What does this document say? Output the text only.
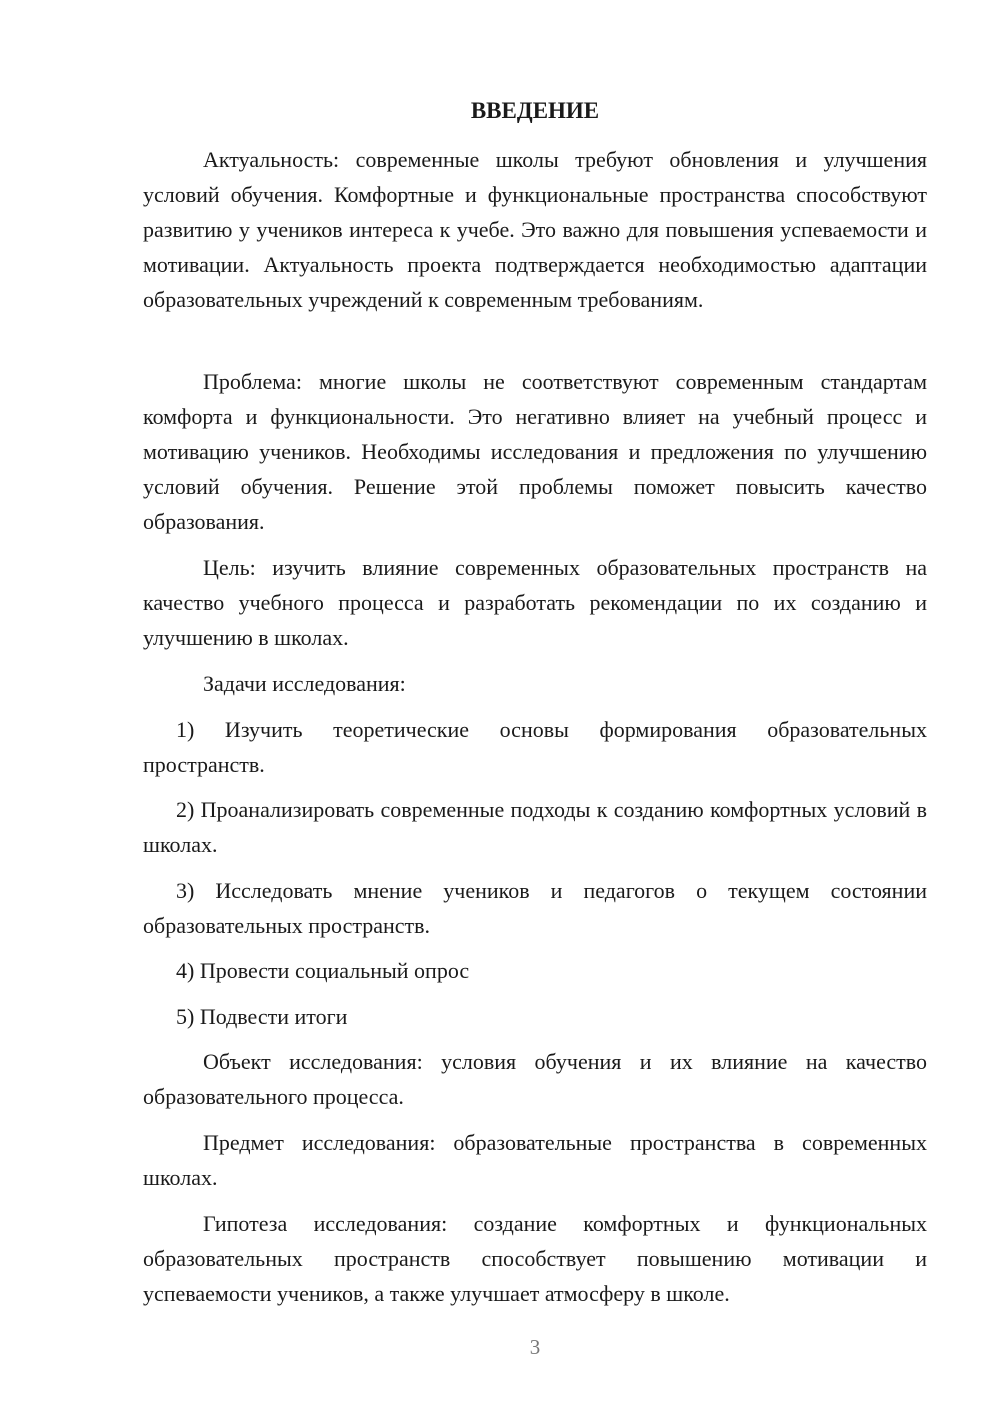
ВВЕДЕНИЕ

Актуальность: современные школы требуют обновления и улучшения условий обучения. Комфортные и функциональные пространства способствуют развитию у учеников интереса к учебе. Это важно для повышения успеваемости и мотивации. Актуальность проекта подтверждается необходимостью адаптации образовательных учреждений к современным требованиям.

Проблема: многие школы не соответствуют современным стандартам комфорта и функциональности. Это негативно влияет на учебный процесс и мотивацию учеников. Необходимы исследования и предложения по улучшению условий обучения. Решение этой проблемы поможет повысить качество образования.

Цель: изучить влияние современных образовательных пространств на качество учебного процесса и разработать рекомендации по их созданию и улучшению в школах.

Задачи исследования:

1) Изучить теоретические основы формирования образовательных пространств.

2) Проанализировать современные подходы к созданию комфортных условий в школах.

3) Исследовать мнение учеников и педагогов о текущем состоянии образовательных пространств.

4) Провести социальный опрос

5) Подвести итоги

Объект исследования: условия обучения и их влияние на качество образовательного процесса.

Предмет исследования: образовательные пространства в современных школах.

Гипотеза исследования: создание комфортных и функциональных образовательных пространств способствует повышению мотивации и успеваемости учеников, а также улучшает атмосферу в школе.

3
